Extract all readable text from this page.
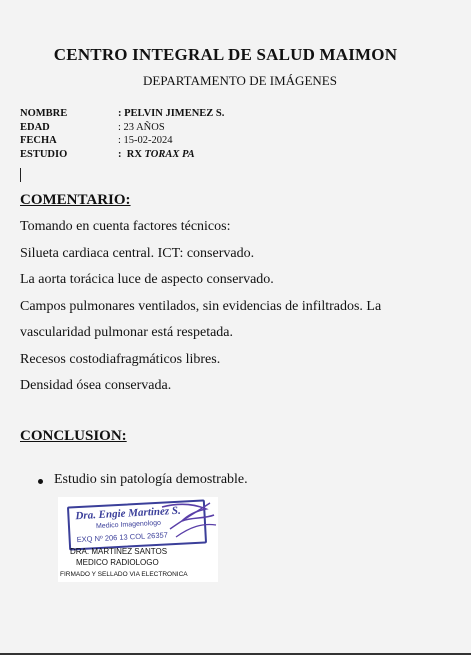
CENTRO INTEGRAL DE SALUD MAIMON
DEPARTAMENTO DE IMÁGENES
NOMBRE	: PELVIN JIMENEZ S.
EDAD	: 23 AÑOS
FECHA	: 15-02-2024
ESTUDIO	:  RX TORAX PA
COMENTARIO:

Tomando en cuenta factores técnicos:

Silueta cardiaca central. ICT: conservado.

La aorta torácica luce de aspecto conservado.

Campos pulmonares ventilados, sin evidencias de infiltrados. La vascularidad pulmonar está respetada.

Recesos costodiafragmáticos libres.

Densidad ósea conservada.

CONCLUSION:
Estudio sin patología demostrable.
Dra. Engie Martinez S.
Medico Imagenologo
EXQ Nº 206 13 COL 26357
DRA. MARTINEZ SANTOS
MEDICO RADIOLOGO
FIRMADO Y SELLADO VIA ELECTRONICA
